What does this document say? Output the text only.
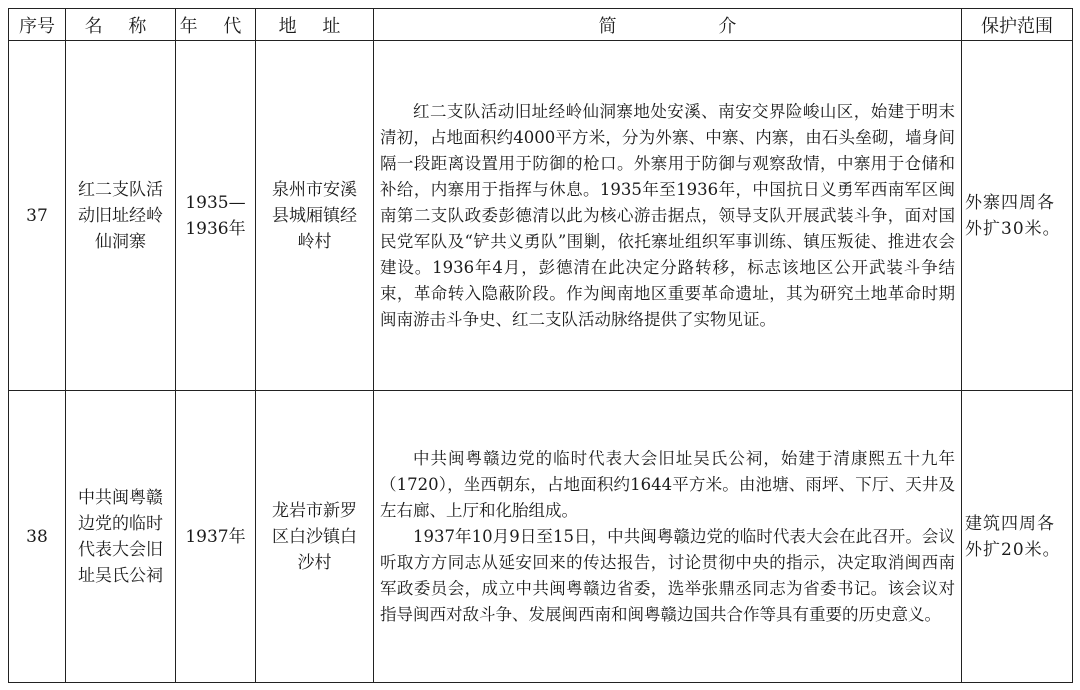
序号	名 称	年 代	地 址	简 介	保护范围
37	红二支队活动旧址经岭仙洞寨	1935—1936年	泉州市安溪县城厢镇经岭村	红二支队活动旧址经岭仙洞寨地处安溪、南安交界险峻山区，始建于明末清初，占地面积约4000平方米，分为外寨、中寨、内寨，由石头垒砌，墙身间隔一段距离设置用于防御的枪口。外寨用于防御与观察敌情，中寨用于仓储和补给，内寨用于指挥与休息。1935年至1936年，中国抗日义勇军西南军区闽南第二支队政委彭德清以此为核心游击据点，领导支队开展武装斗争，面对国民党军队及“铲共义勇队”围剿，依托寨址组织军事训练、镇压叛徒、推进农会建设。1936年4月，彭德清在此决定分路转移，标志该地区公开武装斗争结束，革命转入隐蔽阶段。作为闽南地区重要革命遗址，其为研究土地革命时期闽南游击斗争史、红二支队活动脉络提供了实物见证。	外寨四周各外扩30米。
38	中共闽粤赣边党的临时代表大会旧址吴氏公祠	1937年	龙岩市新罗区白沙镇白沙村	中共闽粤赣边党的临时代表大会旧址吴氏公祠，始建于清康熙五十九年（1720），坐西朝东，占地面积约1644平方米。由池塘、雨坪、下厅、天井及左右廊、上厅和化胎组成。

1937年10月9日至15日，中共闽粤赣边党的临时代表大会在此召开。会议听取方方同志从延安回来的传达报告，讨论贯彻中央的指示，决定取消闽西南军政委员会，成立中共闽粤赣边省委，选举张鼎丞同志为省委书记。该会议对指导闽西对敌斗争、发展闽西南和闽粤赣边国共合作等具有重要的历史意义。	建筑四周各外扩20米。
